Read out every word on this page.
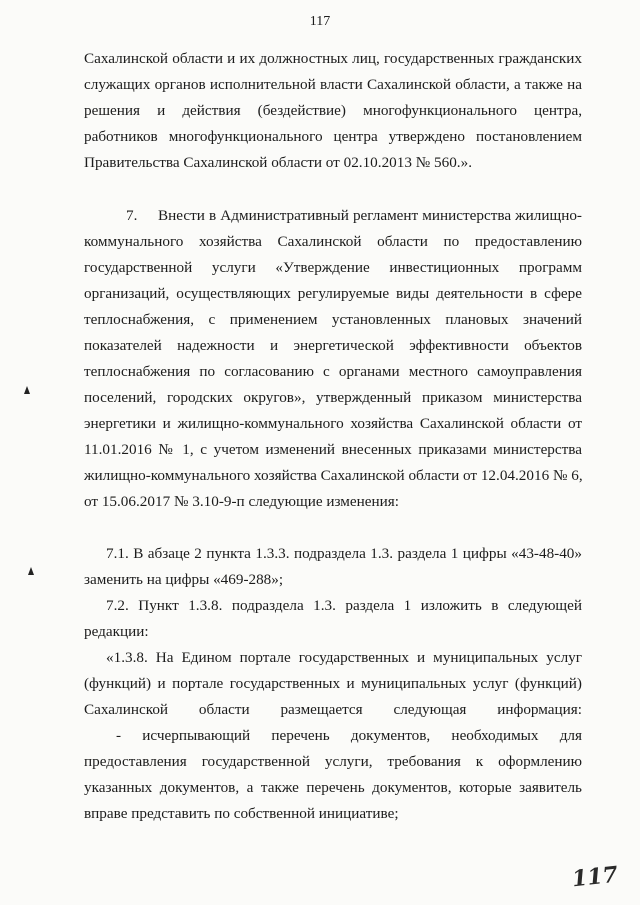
117
Сахалинской области и их должностных лиц, государственных гражданских
служащих органов исполнительной власти Сахалинской области, а также на
решения и действия (бездействие) многофункционального центра,
работников многофункционального центра утверждено постановлением
Правительства Сахалинской области от 02.10.2013 № 560.».
7. Внести в Административный регламент министерства жилищно-
коммунального хозяйства Сахалинской области по предоставлению
государственной услуги «Утверждение инвестиционных программ
организаций, осуществляющих регулируемые виды деятельности в сфере
теплоснабжения, с применением установленных плановых значений
показателей надежности и энергетической эффективности объектов
теплоснабжения по согласованию с органами местного самоуправления
поселений, городских округов», утвержденный приказом министерства
энергетики и жилищно-коммунального хозяйства Сахалинской области от
11.01.2016 № 1, с учетом изменений внесенных приказами министерства
жилищно-коммунального хозяйства Сахалинской области от 12.04.2016 № 6,
от 15.06.2017 № 3.10-9-п следующие изменения:
7.1. В абзаце 2 пункта 1.3.3. подраздела 1.3. раздела 1 цифры «43-48-40»
заменить на цифры «469-288»;
7.2. Пункт 1.3.8. подраздела 1.3. раздела 1 изложить в следующей
редакции:
«1.3.8. На Едином портале государственных и муниципальных услуг
(функций) и портале государственных и муниципальных услуг (функций)
Сахалинской области размещается следующая информация:
- исчерпывающий перечень документов, необходимых для
предоставления государственной услуги, требования к оформлению
указанных документов, а также перечень документов, которые заявитель
вправе представить по собственной инициативе;
117
